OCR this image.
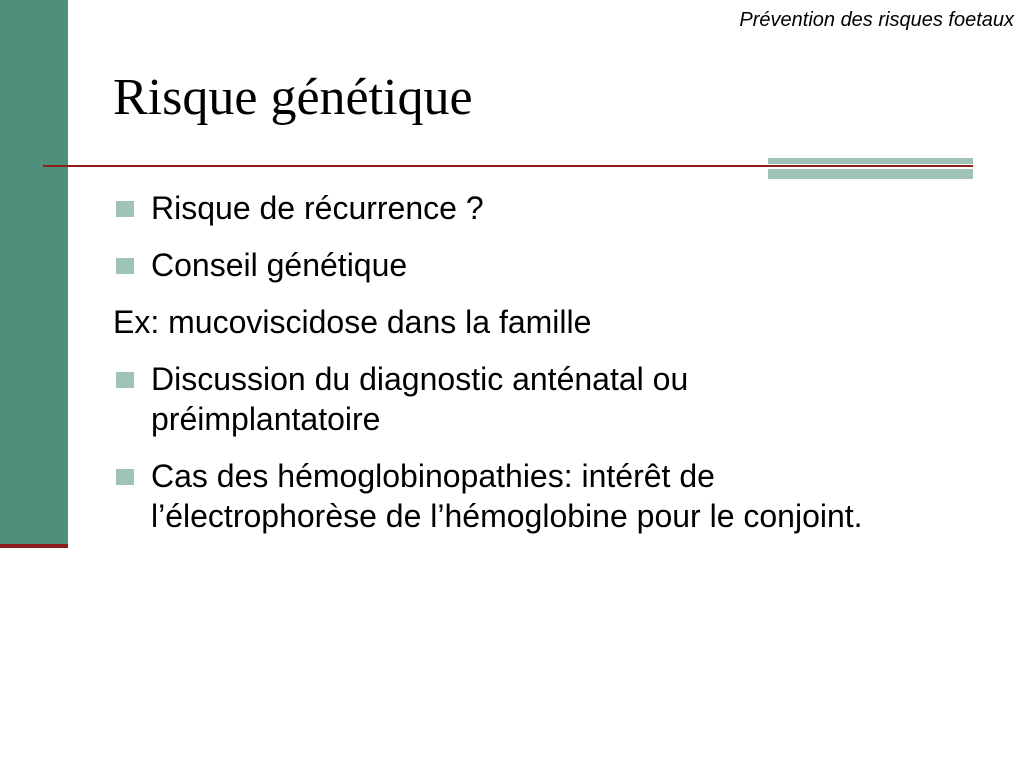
Prévention des risques foetaux
Risque génétique
Risque de récurrence ?
Conseil génétique
Ex: mucoviscidose dans la famille
Discussion du diagnostic anténatal ou préimplantatoire
Cas des hémoglobinopathies: intérêt de l’électrophorèse de l’hémoglobine pour le conjoint.
